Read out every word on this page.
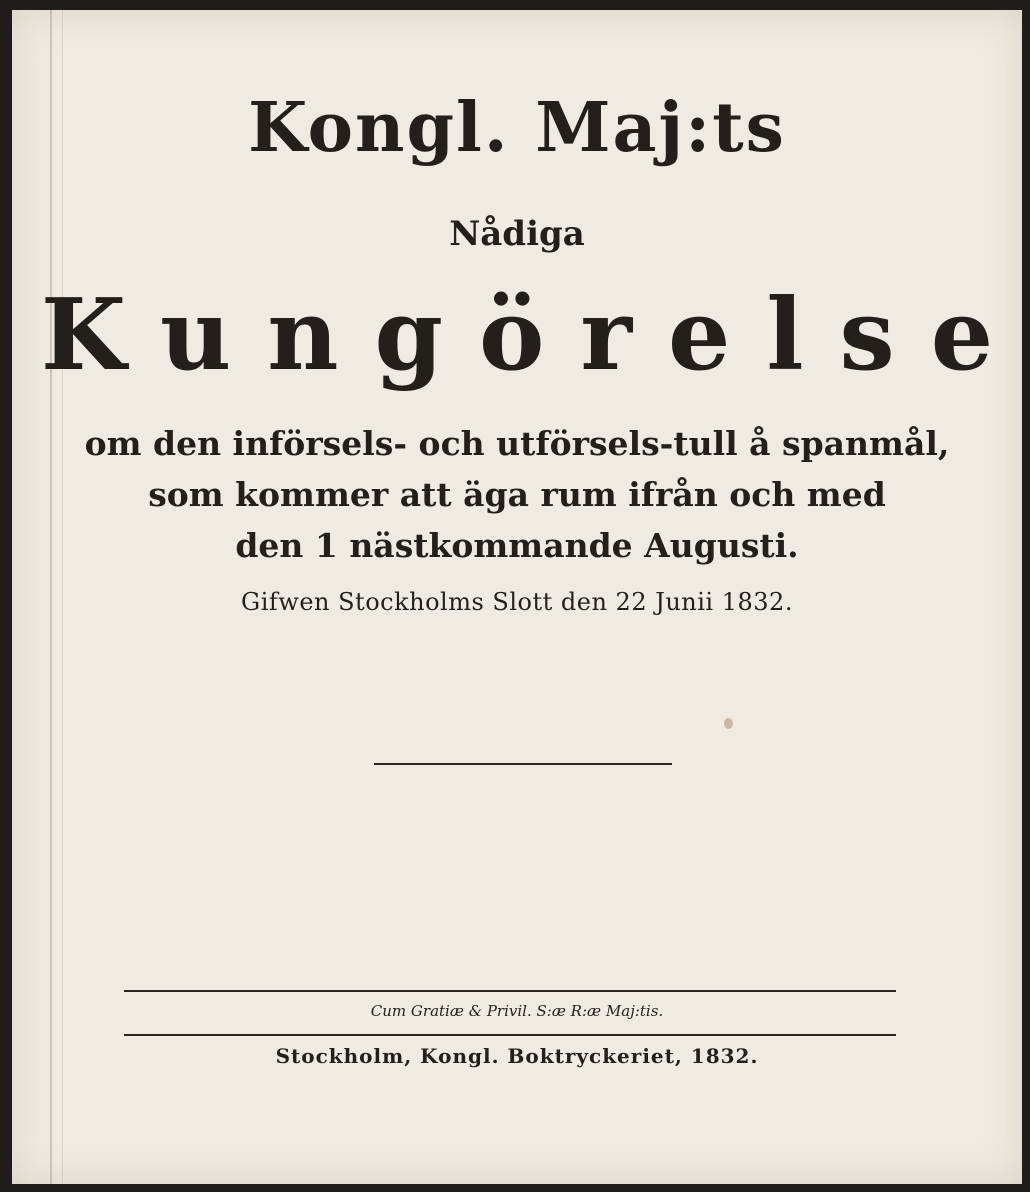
Kongl. Maj:ts
Nådiga
Kungörelse
om den införsels- och utförsels-tull å spanmål,
som kommer att äga rum ifrån och med
den 1 nästkommande Augusti.
Gifwen Stockholms Slott den 22 Junii 1832.
Cum Gratiæ & Privil. S:æ R:æ Maj:tis.
Stockholm, Kongl. Boktryckeriet, 1832.
